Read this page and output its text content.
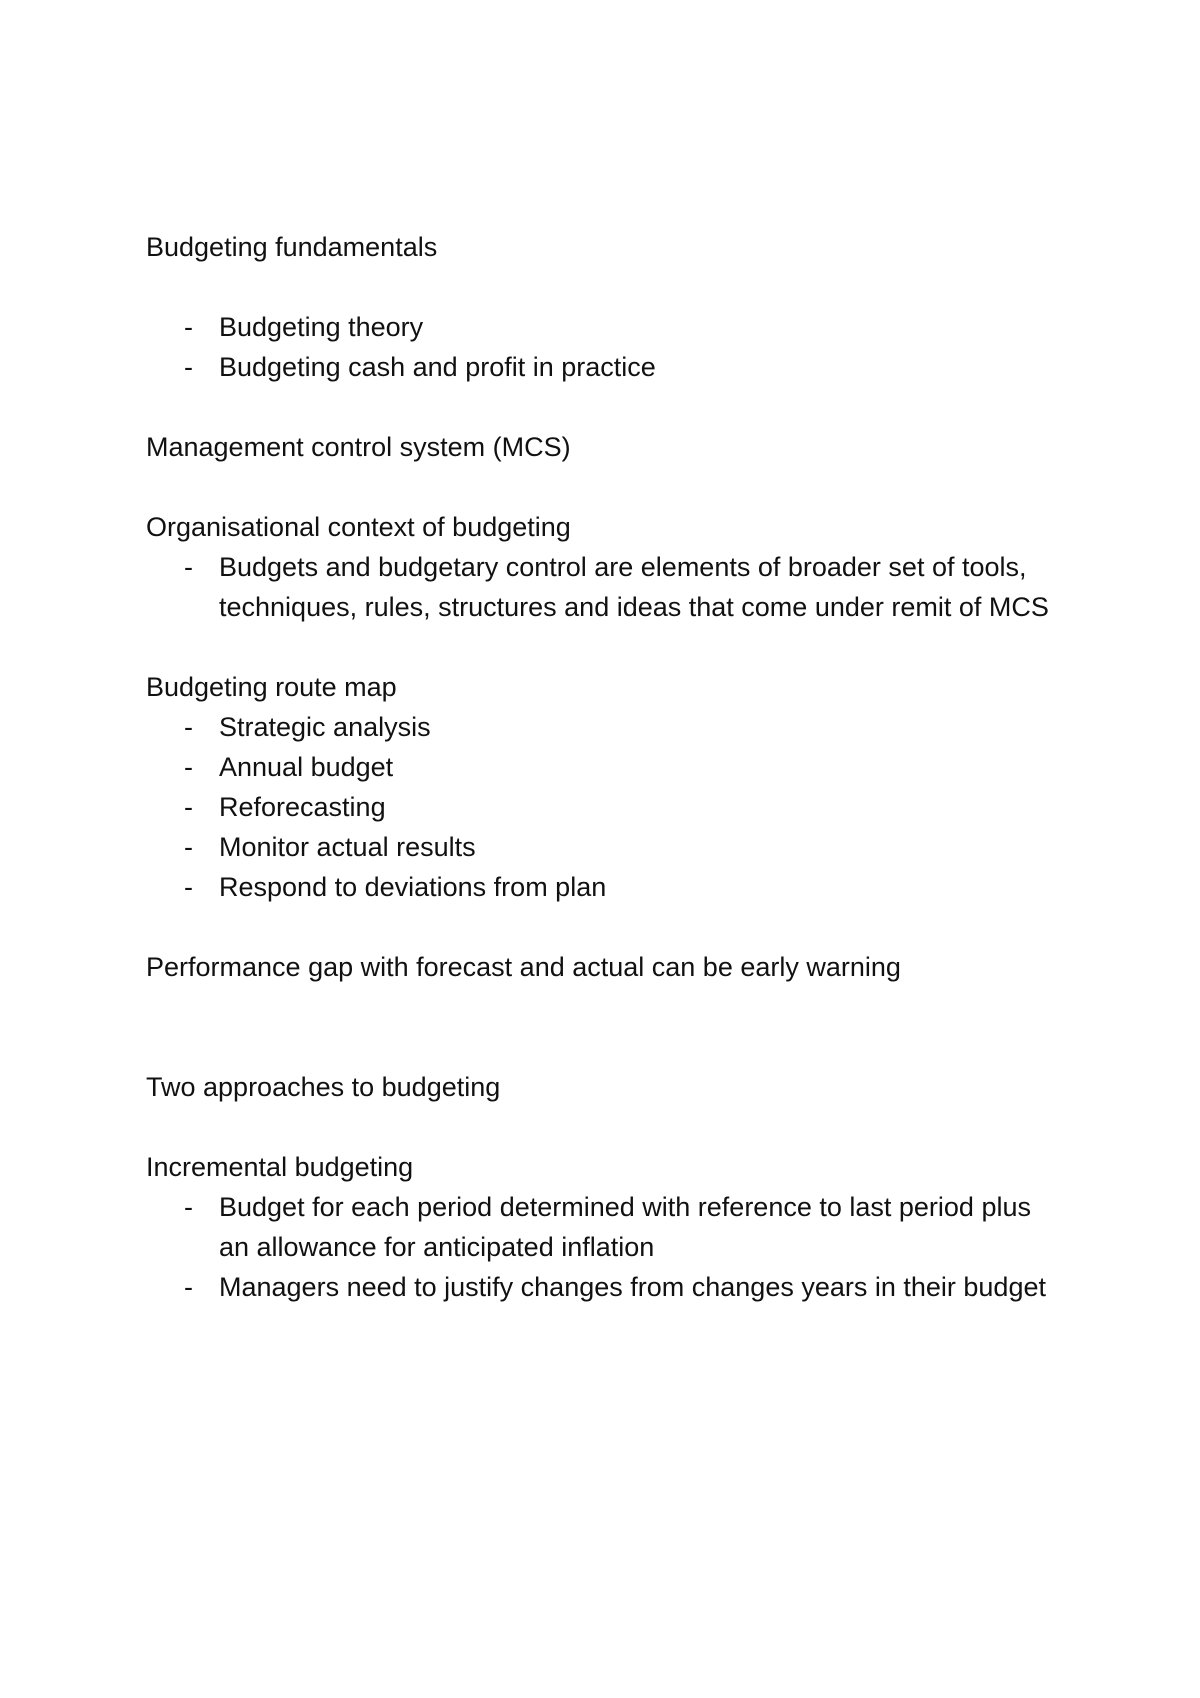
Budgeting fundamentals

- Budgeting theory
- Budgeting cash and profit in practice

Management control system (MCS)

Organisational context of budgeting

- Budgets and budgetary control are elements of broader set of tools, techniques, rules, structures and ideas that come under remit of MCS

Budgeting route map

- Strategic analysis
- Annual budget
- Reforecasting
- Monitor actual results
- Respond to deviations from plan

Performance gap with forecast and actual can be early warning

Two approaches to budgeting

Incremental budgeting

- Budget for each period determined with reference to last period plus an allowance for anticipated inflation
- Managers need to justify changes from changes years in their budget
